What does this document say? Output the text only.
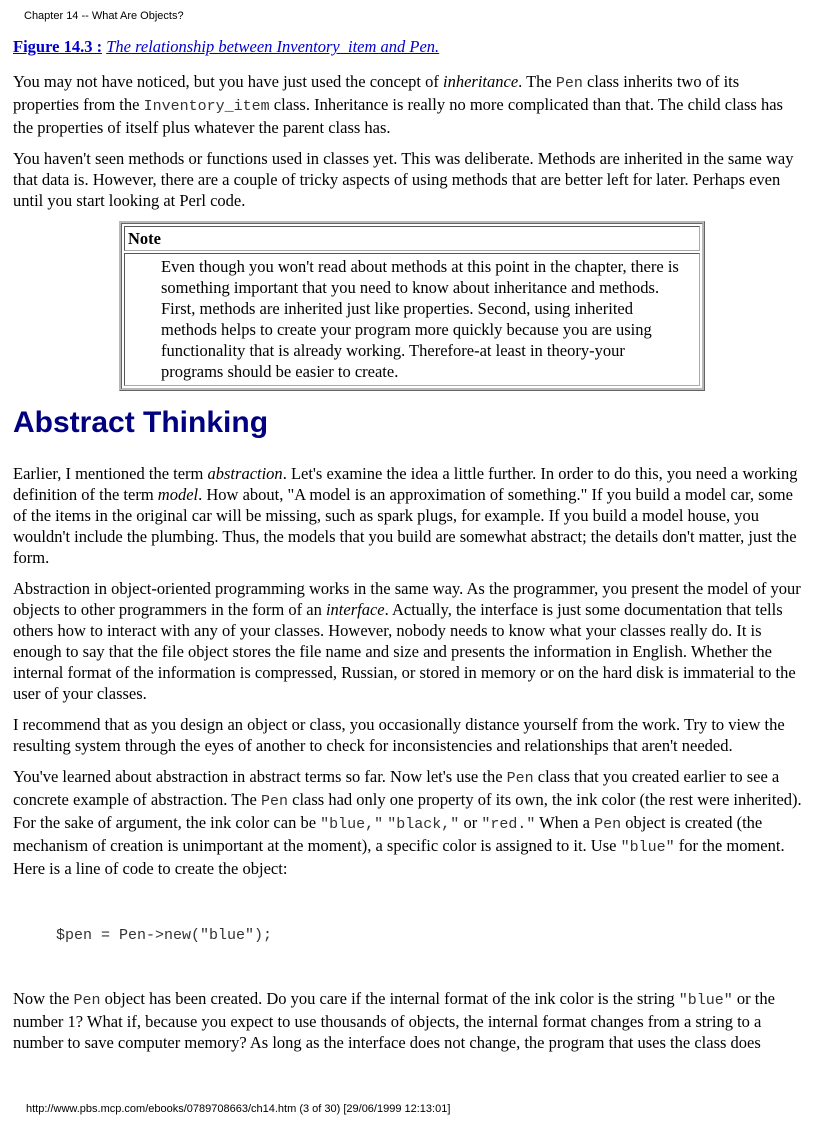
Chapter 14 -- What Are Objects?

Figure 14.3 : The relationship between Inventory_item and Pen.

You may not have noticed, but you have just used the concept of inheritance. The Pen class inherits two of its properties from the Inventory_item class. Inheritance is really no more complicated than that. The child class has the properties of itself plus whatever the parent class has.

You haven't seen methods or functions used in classes yet. This was deliberate. Methods are inherited in the same way that data is. However, there are a couple of tricky aspects of using methods that are better left for later. Perhaps even until you start looking at Perl code.

Note
Even though you won't read about methods at this point in the chapter, there is something important that you need to know about inheritance and methods. First, methods are inherited just like properties. Second, using inherited methods helps to create your program more quickly because you are using functionality that is already working. Therefore-at least in theory-your programs should be easier to create.
Abstract Thinking

Earlier, I mentioned the term abstraction. Let's examine the idea a little further. In order to do this, you need a working definition of the term model. How about, "A model is an approximation of something." If you build a model car, some of the items in the original car will be missing, such as spark plugs, for example. If you build a model house, you wouldn't include the plumbing. Thus, the models that you build are somewhat abstract; the details don't matter, just the form.

Abstraction in object-oriented programming works in the same way. As the programmer, you present the model of your objects to other programmers in the form of an interface. Actually, the interface is just some documentation that tells others how to interact with any of your classes. However, nobody needs to know what your classes really do. It is enough to say that the file object stores the file name and size and presents the information in English. Whether the internal format of the information is compressed, Russian, or stored in memory or on the hard disk is immaterial to the user of your classes.

I recommend that as you design an object or class, you occasionally distance yourself from the work. Try to view the resulting system through the eyes of another to check for inconsistencies and relationships that aren't needed.

You've learned about abstraction in abstract terms so far. Now let's use the Pen class that you created earlier to see a concrete example of abstraction. The Pen class had only one property of its own, the ink color (the rest were inherited). For the sake of argument, the ink color can be "blue," "black," or "red." When a Pen object is created (the mechanism of creation is unimportant at the moment), a specific color is assigned to it. Use "blue" for the moment. Here is a line of code to create the object:

$pen = Pen->new("blue");

Now the Pen object has been created. Do you care if the internal format of the ink color is the string "blue" or the number 1? What if, because you expect to use thousands of objects, the internal format changes from a string to a number to save computer memory? As long as the interface does not change, the program that uses the class does

http://www.pbs.mcp.com/ebooks/0789708663/ch14.htm (3 of 30) [29/06/1999 12:13:01]
